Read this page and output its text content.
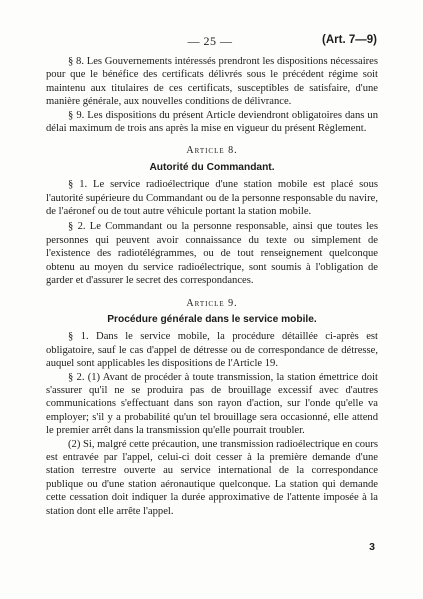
— 25 —	(Art. 7—9)

§ 8. Les Gouvernements intéressés prendront les dispositions nécessaires pour que le bénéfice des certificats délivrés sous le précédent régime soit maintenu aux titulaires de ces certificats, susceptibles de satisfaire, d'une manière générale, aux nouvelles conditions de délivrance.

§ 9. Les dispositions du présent Article deviendront obligatoires dans un délai maximum de trois ans après la mise en vigueur du présent Règlement.

Article 8.
Autorité du Commandant.

§ 1. Le service radioélectrique d'une station mobile est placé sous l'autorité supérieure du Commandant ou de la personne responsable du navire, de l'aéronef ou de tout autre véhicule portant la station mobile.

§ 2. Le Commandant ou la personne responsable, ainsi que toutes les personnes qui peuvent avoir connaissance du texte ou simplement de l'existence des radiotélégrammes, ou de tout renseignement quelconque obtenu au moyen du service radioélectrique, sont soumis à l'obligation de garder et d'assurer le secret des correspondances.

Article 9.
Procédure générale dans le service mobile.

§ 1. Dans le service mobile, la procédure détaillée ci-après est obligatoire, sauf le cas d'appel de détresse ou de correspondance de détresse, auquel sont applicables les dispositions de l'Article 19.

§ 2. (1) Avant de procéder à toute transmission, la station émettrice doit s'assurer qu'il ne se produira pas de brouillage excessif avec d'autres communications s'effectuant dans son rayon d'action, sur l'onde qu'elle va employer; s'il y a probabilité qu'un tel brouillage sera occasionné, elle attend le premier arrêt dans la transmission qu'elle pourrait troubler.

(2) Si, malgré cette précaution, une transmission radioélectrique en cours est entravée par l'appel, celui-ci doit cesser à la première demande d'une station terrestre ouverte au service international de la correspondance publique ou d'une station aéronautique quelconque. La station qui demande cette cessation doit indiquer la durée approximative de l'attente imposée à la station dont elle arrête l'appel.

3
